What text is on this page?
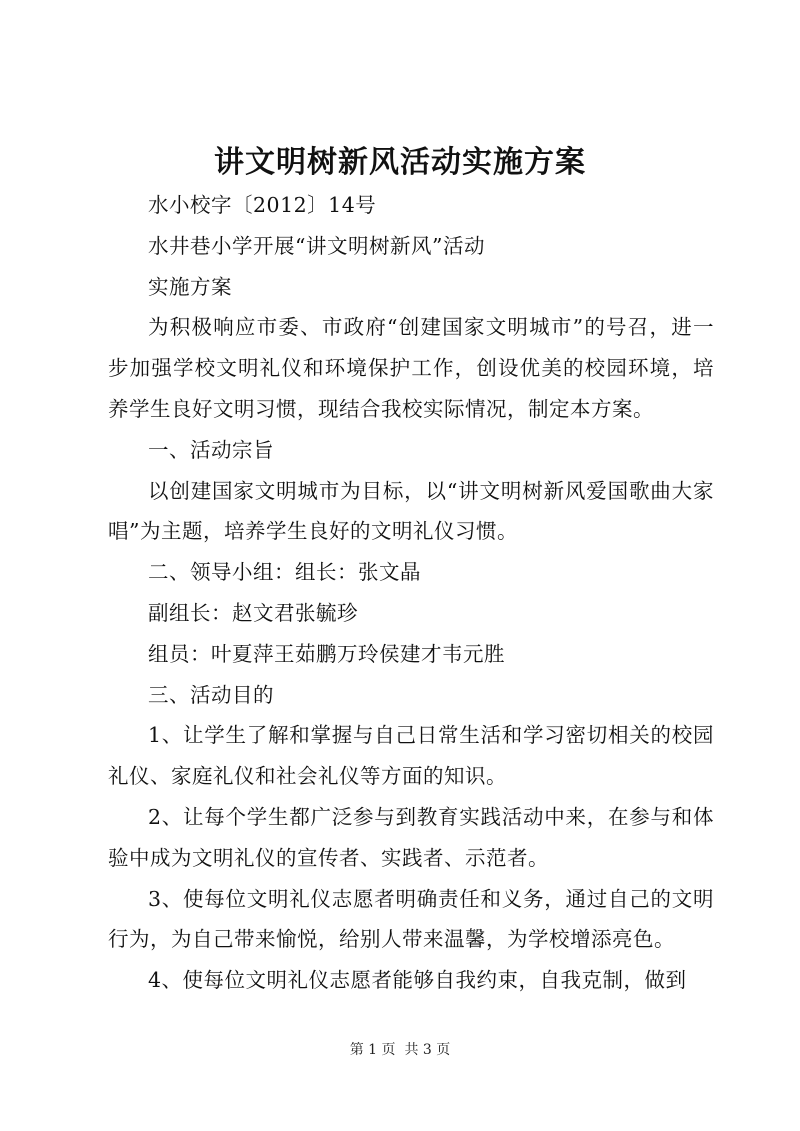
讲文明树新风活动实施方案

水小校字〔2012〕14号

水井巷小学开展“讲文明树新风”活动

实施方案

为积极响应市委、市政府“创建国家文明城市”的号召，进一步加强学校文明礼仪和环境保护工作，创设优美的校园环境，培养学生良好文明习惯，现结合我校实际情况，制定本方案。

一、活动宗旨

以创建国家文明城市为目标，以“讲文明树新风爱国歌曲大家唱”为主题，培养学生良好的文明礼仪习惯。

二、领导小组：组长：张文晶

副组长：赵文君张毓珍

组员：叶夏萍王茹鹏万玲侯建才韦元胜

三、活动目的

1、让学生了解和掌握与自己日常生活和学习密切相关的校园礼仪、家庭礼仪和社会礼仪等方面的知识。

2、让每个学生都广泛参与到教育实践活动中来，在参与和体验中成为文明礼仪的宣传者、实践者、示范者。

3、使每位文明礼仪志愿者明确责任和义务，通过自己的文明行为，为自己带来愉悦，给别人带来温馨，为学校增添亮色。

4、使每位文明礼仪志愿者能够自我约束，自我克制，做到

第 1 页  共 3 页
